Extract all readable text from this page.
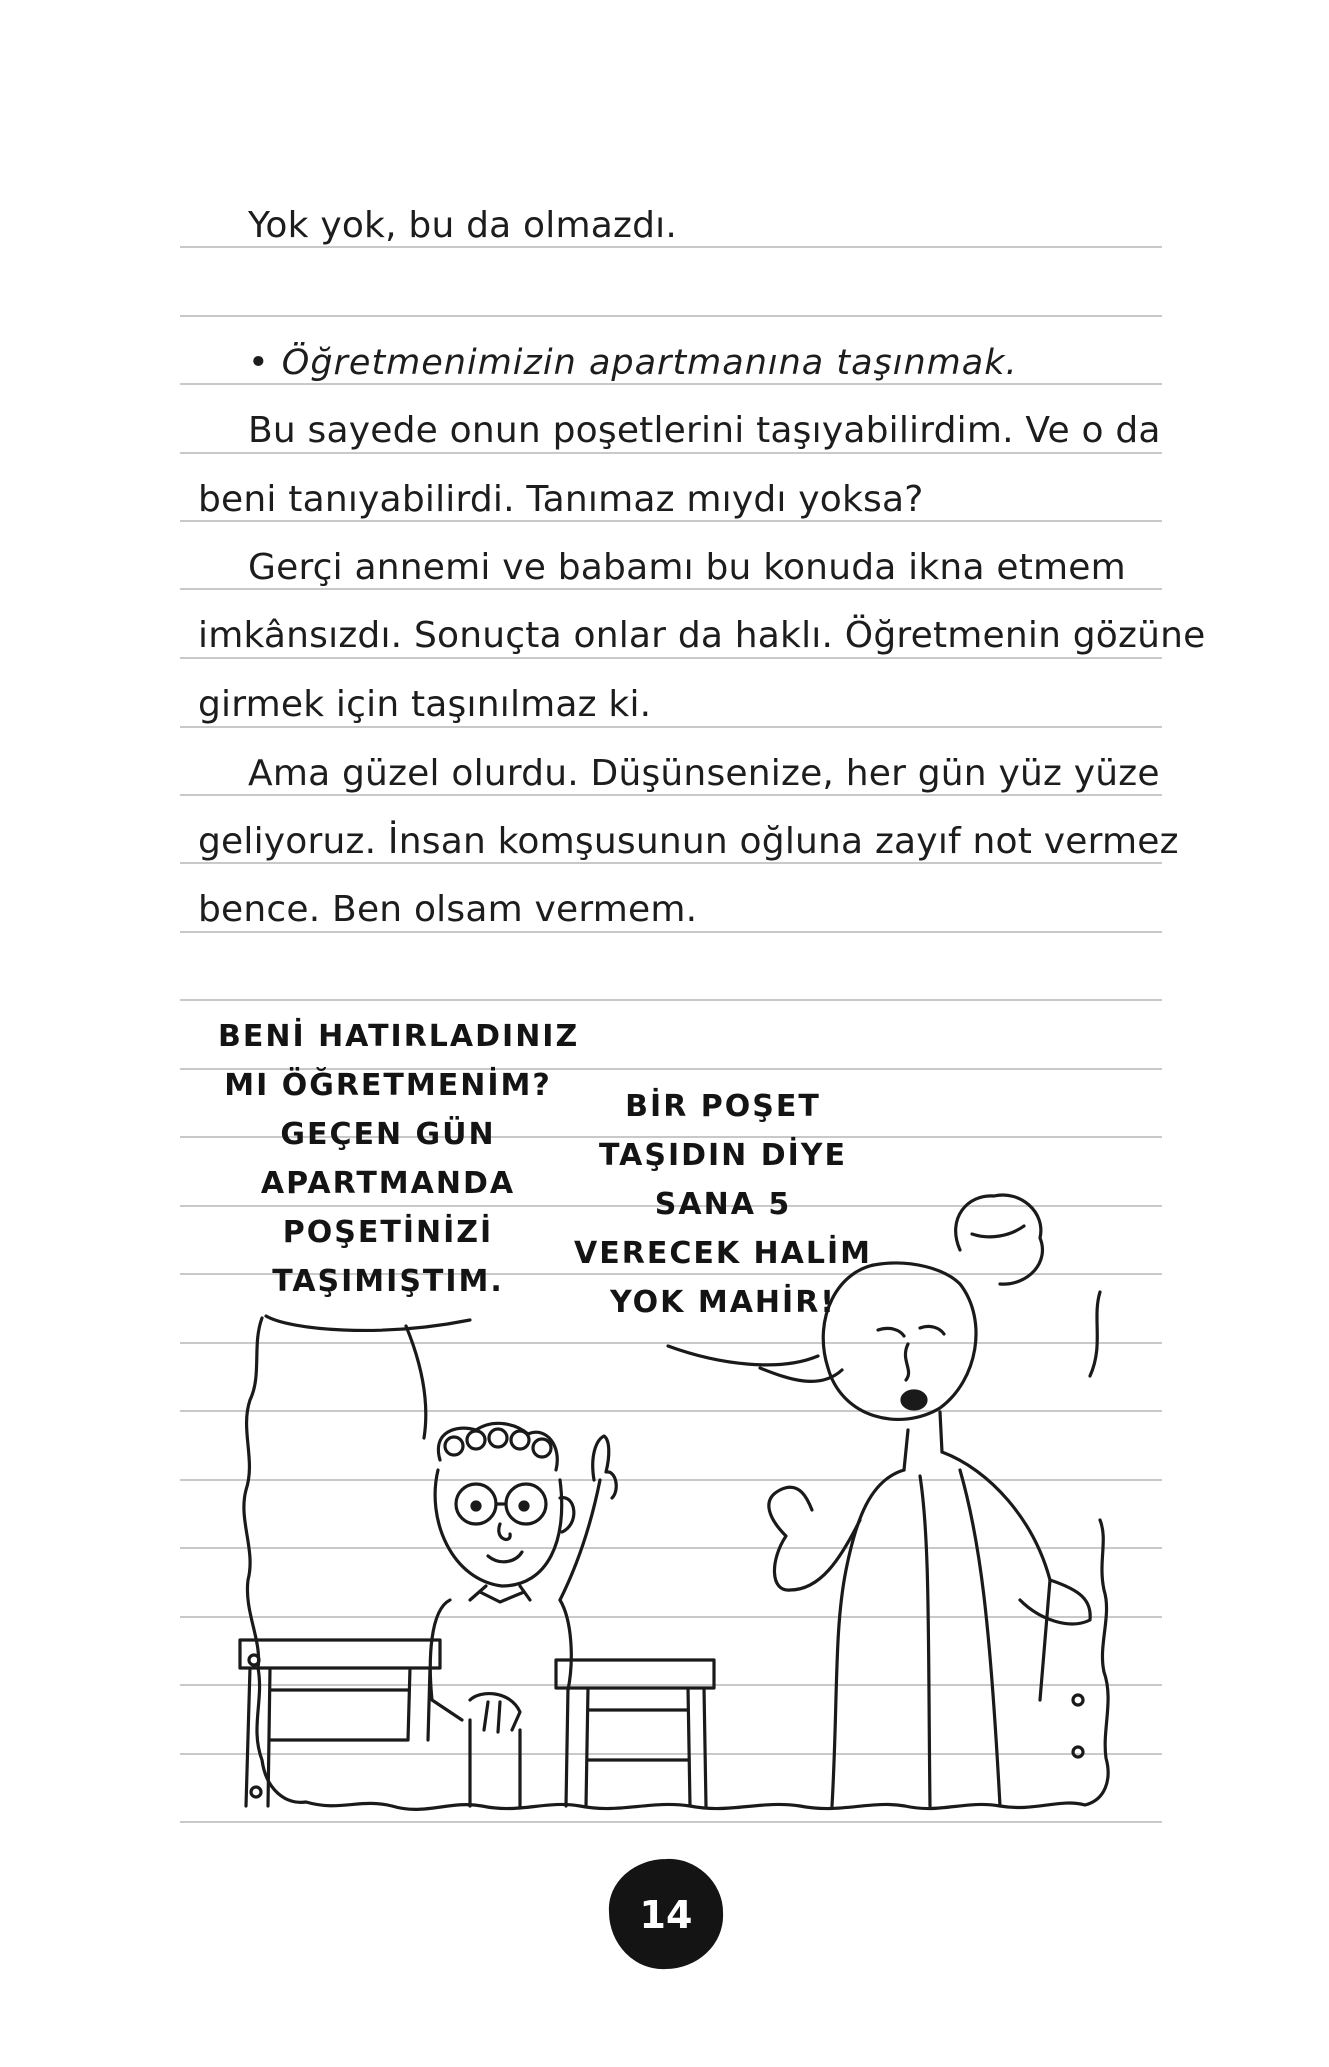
Yok yok, bu da olmazdı.
• Öğretmenimizin apartmanına taşınmak.
Bu sayede onun poşetlerini taşıyabilirdim. Ve o da
beni tanıyabilirdi. Tanımaz mıydı yoksa?
Gerçi annemi ve babamı bu konuda ikna etmem
imkânsızdı. Sonuçta onlar da haklı. Öğretmenin gözüne
girmek için taşınılmaz ki.
Ama güzel olurdu. Düşünsenize, her gün yüz yüze
geliyoruz. İnsan komşusunun oğluna zayıf not vermez
bence. Ben olsam vermem.
BENİ HATIRLADINIZ
MI ÖĞRETMENİM?
GEÇEN GÜN
APARTMANDA
POŞETİNİZİ
TAŞIMIŞTIM.
BİR POŞET
TAŞIDIN DİYE
SANA 5
VERECEK HALİM
YOK MAHİR!
14
